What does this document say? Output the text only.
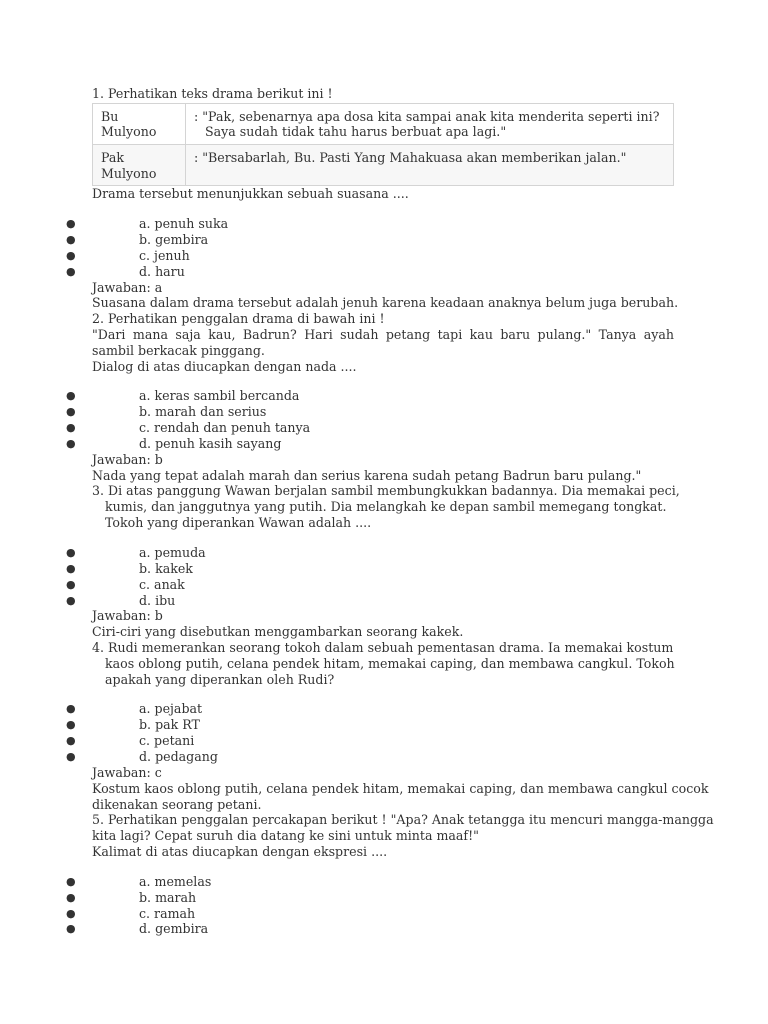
1. Perhatikan teks drama berikut ini !
Bu Mulyono	: "Pak, sebenarnya apa dosa kita sampai anak kita menderita seperti ini?
Saya sudah tidak tahu harus berbuat apa lagi."

Pak Mulyono	: "Bersabarlah, Bu. Pasti Yang Mahakuasa akan memberikan jalan."
Drama tersebut menunjukkan sebuah suasana ....
●	a. penuh suka
●	b. gembira
●	c. jenuh
●	d. haru
Jawaban: a
Suasana dalam drama tersebut adalah jenuh karena keadaan anaknya belum juga berubah.
2. Perhatikan penggalan drama di bawah ini !
"Dari mana saja kau, Badrun? Hari sudah petang tapi kau baru pulang." Tanya ayah sambil berkacak pinggang.
Dialog di atas diucapkan dengan nada ....
●	a. keras sambil bercanda
●	b. marah dan serius
●	c. rendah dan penuh tanya
●	d. penuh kasih sayang
Jawaban: b
Nada yang tepat adalah marah dan serius karena sudah petang Badrun baru pulang."
3. Di atas panggung Wawan berjalan sambil membungkukkan badannya. Dia memakai peci,
kumis, dan janggutnya yang putih. Dia melangkah ke depan sambil memegang tongkat.
Tokoh yang diperankan Wawan adalah ....
●	a. pemuda
●	b. kakek
●	c. anak
●	d. ibu
Jawaban: b
Ciri-ciri yang disebutkan menggambarkan seorang kakek.
4. Rudi memerankan seorang tokoh dalam sebuah pementasan drama. Ia memakai kostum
kaos oblong putih, celana pendek hitam, memakai caping, dan membawa cangkul. Tokoh
apakah yang diperankan oleh Rudi?
●	a. pejabat
●	b. pak RT
●	c. petani
●	d. pedagang
Jawaban: c
Kostum kaos oblong putih, celana pendek hitam, memakai caping, dan membawa cangkul cocok
dikenakan seorang petani.
5. Perhatikan penggalan percakapan berikut ! "Apa? Anak tetangga itu mencuri mangga-mangga
kita lagi? Cepat suruh dia datang ke sini untuk minta maaf!"
Kalimat di atas diucapkan dengan ekspresi ....
●	a. memelas
●	b. marah
●	c. ramah
●	d. gembira
